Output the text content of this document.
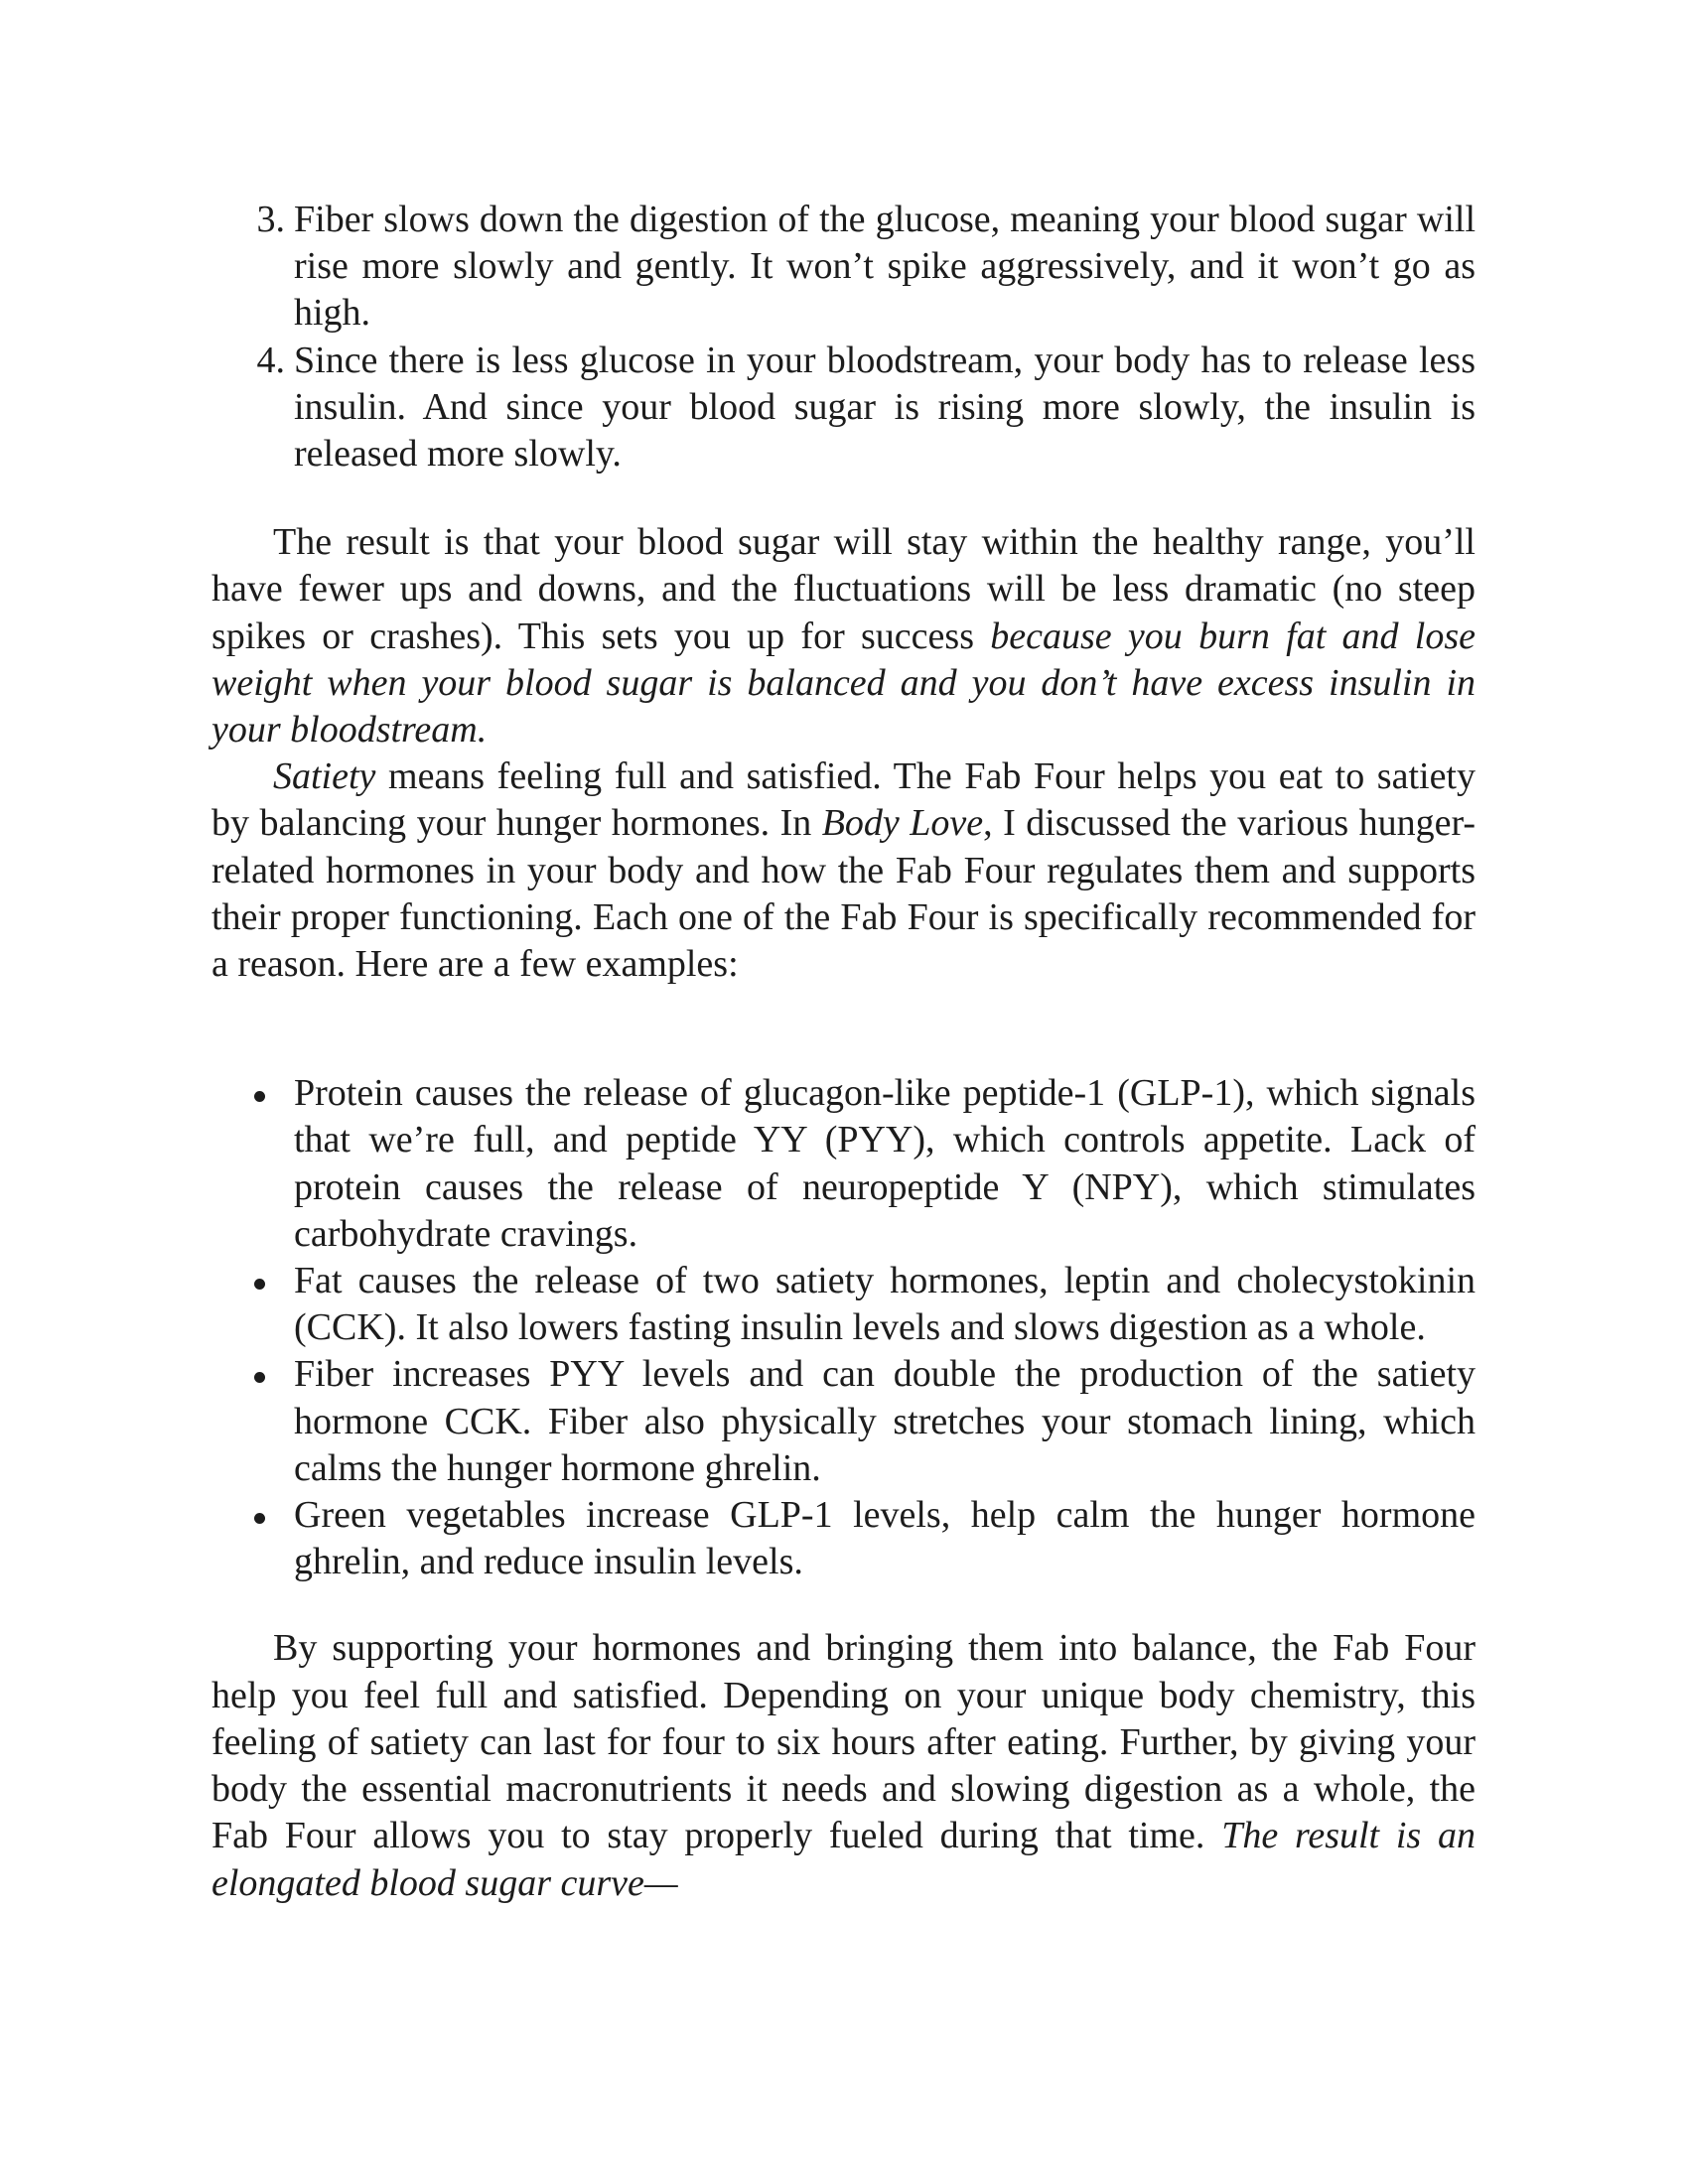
3. Fiber slows down the digestion of the glucose, meaning your blood sugar will rise more slowly and gently. It won’t spike aggressively, and it won’t go as high.
4. Since there is less glucose in your bloodstream, your body has to release less insulin. And since your blood sugar is rising more slowly, the insulin is released more slowly.

The result is that your blood sugar will stay within the healthy range, you’ll have fewer ups and downs, and the fluctuations will be less dramatic (no steep spikes or crashes). This sets you up for success because you burn fat and lose weight when your blood sugar is balanced and you don’t have excess insulin in your bloodstream.

Satiety means feeling full and satisfied. The Fab Four helps you eat to satiety by balancing your hunger hormones. In Body Love, I discussed the various hunger-related hormones in your body and how the Fab Four regulates them and supports their proper functioning. Each one of the Fab Four is specifically recommended for a reason. Here are a few examples:

Protein causes the release of glucagon-like peptide-1 (GLP-1), which signals that we’re full, and peptide YY (PYY), which controls appetite. Lack of protein causes the release of neuropeptide Y (NPY), which stimulates carbohydrate cravings.
Fat causes the release of two satiety hormones, leptin and cholecystokinin (CCK). It also lowers fasting insulin levels and slows digestion as a whole.
Fiber increases PYY levels and can double the production of the satiety hormone CCK. Fiber also physically stretches your stomach lining, which calms the hunger hormone ghrelin.
Green vegetables increase GLP-1 levels, help calm the hunger hormone ghrelin, and reduce insulin levels.

By supporting your hormones and bringing them into balance, the Fab Four help you feel full and satisfied. Depending on your unique body chemistry, this feeling of satiety can last for four to six hours after eating. Further, by giving your body the essential macronutrients it needs and slowing digestion as a whole, the Fab Four allows you to stay properly fueled during that time. The result is an elongated blood sugar curve—
